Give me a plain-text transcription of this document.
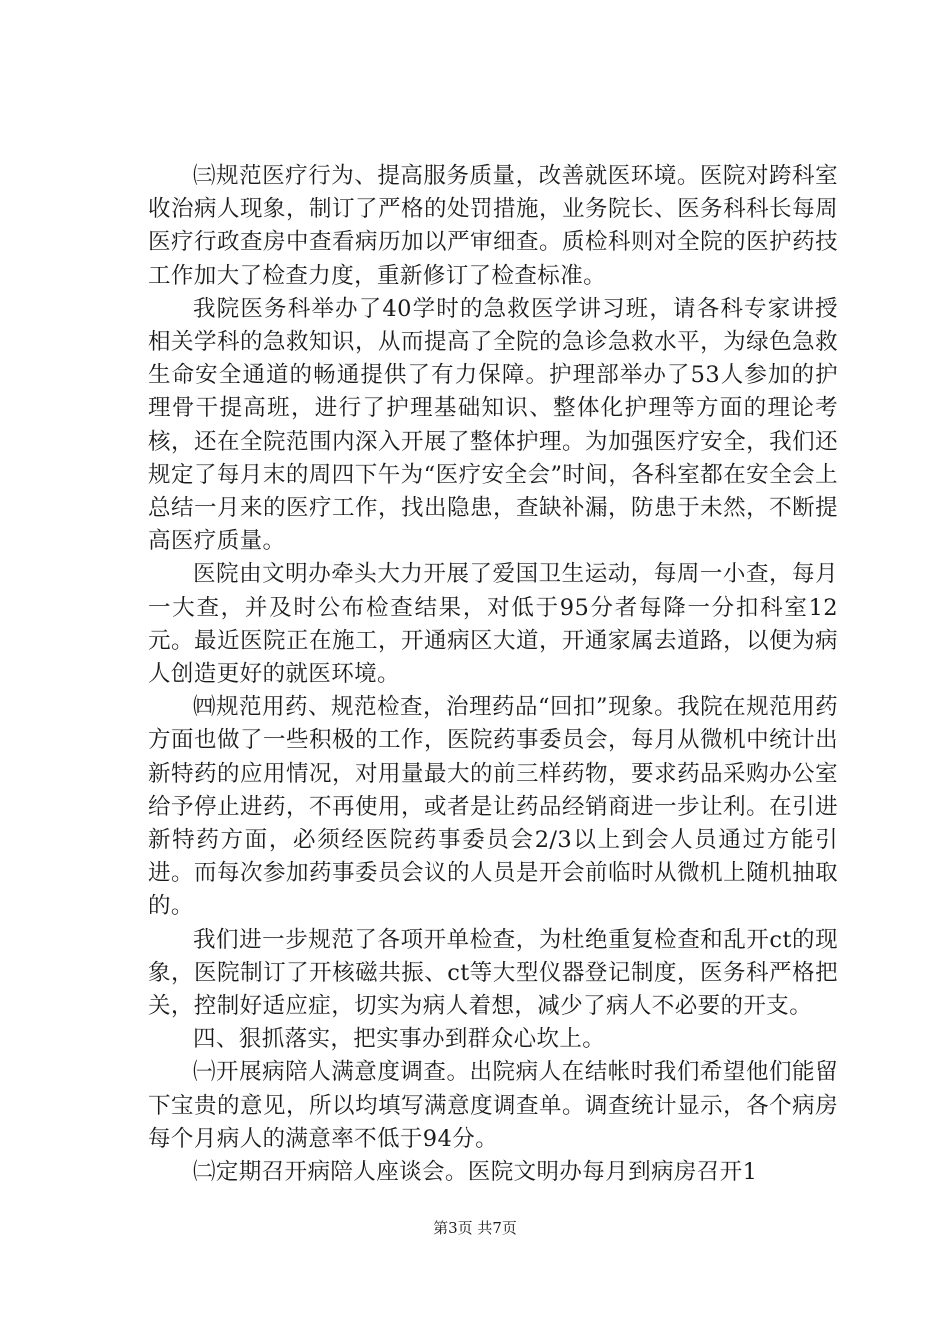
㈢规范医疗行为、提高服务质量，改善就医环境。医院对跨科室收治病人现象，制订了严格的处罚措施，业务院长、医务科科长每周医疗行政查房中查看病历加以严审细查。质检科则对全院的医护药技工作加大了检查力度，重新修订了检查标准。

我院医务科举办了40学时的急救医学讲习班，请各科专家讲授相关学科的急救知识，从而提高了全院的急诊急救水平，为绿色急救生命安全通道的畅通提供了有力保障。护理部举办了53人参加的护理骨干提高班，进行了护理基础知识、整体化护理等方面的理论考核，还在全院范围内深入开展了整体护理。为加强医疗安全，我们还规定了每月末的周四下午为“医疗安全会”时间，各科室都在安全会上总结一月来的医疗工作，找出隐患，查缺补漏，防患于未然，不断提高医疗质量。

医院由文明办牵头大力开展了爱国卫生运动，每周一小查，每月一大查，并及时公布检查结果，对低于95分者每降一分扣科室12元。最近医院正在施工，开通病区大道，开通家属去道路，以便为病人创造更好的就医环境。

㈣规范用药、规范检查，治理药品“回扣”现象。我院在规范用药方面也做了一些积极的工作，医院药事委员会，每月从微机中统计出新特药的应用情况，对用量最大的前三样药物，要求药品采购办公室给予停止进药，不再使用，或者是让药品经销商进一步让利。在引进新特药方面，必须经医院药事委员会2/3以上到会人员通过方能引进。而每次参加药事委员会议的人员是开会前临时从微机上随机抽取的。

我们进一步规范了各项开单检查，为杜绝重复检查和乱开ct的现象，医院制订了开核磁共振、ct等大型仪器登记制度，医务科严格把关，控制好适应症，切实为病人着想，减少了病人不必要的开支。

四、狠抓落实，把实事办到群众心坎上。

㈠开展病陪人满意度调查。出院病人在结帐时我们希望他们能留下宝贵的意见，所以均填写满意度调查单。调查统计显示，各个病房每个月病人的满意率不低于94分。

㈡定期召开病陪人座谈会。医院文明办每月到病房召开1

第3页 共7页
